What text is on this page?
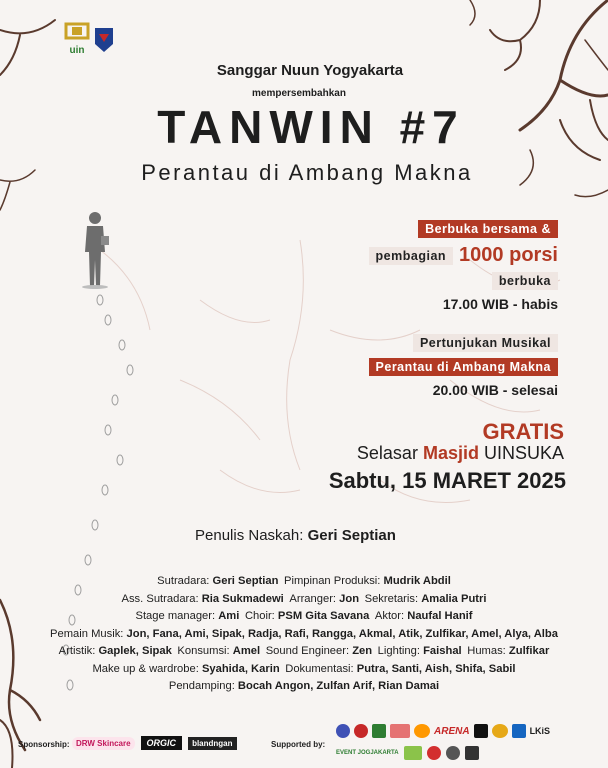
uin
Sanggar Nuun Yogyakarta
mempersembahkan
TANWIN #7
Perantau di Ambang Makna
Berbuka bersama &
pembagian 1000 porsi
berbuka
17.00 WIB - habis
Pertunjukan Musikal
Perantau di Ambang Makna
20.00 WIB - selesai
GRATIS
Selasar Masjid UINSUKA
Sabtu, 15 MARET 2025
Penulis Naskah: Geri Septian
Sutradara: Geri Septian  Pimpinan Produksi: Mudrik Abdil
Ass. Sutradara: Ria Sukmadewi  Arranger: Jon  Sekretaris: Amalia Putri
Stage manager: Ami  Choir: PSM Gita Savana  Aktor: Naufal Hanif
Pemain Musik: Jon, Fana, Ami, Sipak, Radja, Rafi, Rangga, Akmal, Atik, Zulfikar, Amel, Alya, Alba
Artistik: Gaplek, Sipak  Konsumsi: Amel  Sound Engineer: Zen  Lighting: Faishal  Humas: Zulfikar
Make up & wardrobe: Syahida, Karin  Dokumentasi: Putra, Santi, Aish, Shifa, Sabil
Pendamping: Bocah Angon, Zulfan Arif, Rian Damai
Sponsorship: DRW Skincare	ORGIC	blandngan	Supported by:
ARENA	LKiS
EVENT JOGJAKARTA
